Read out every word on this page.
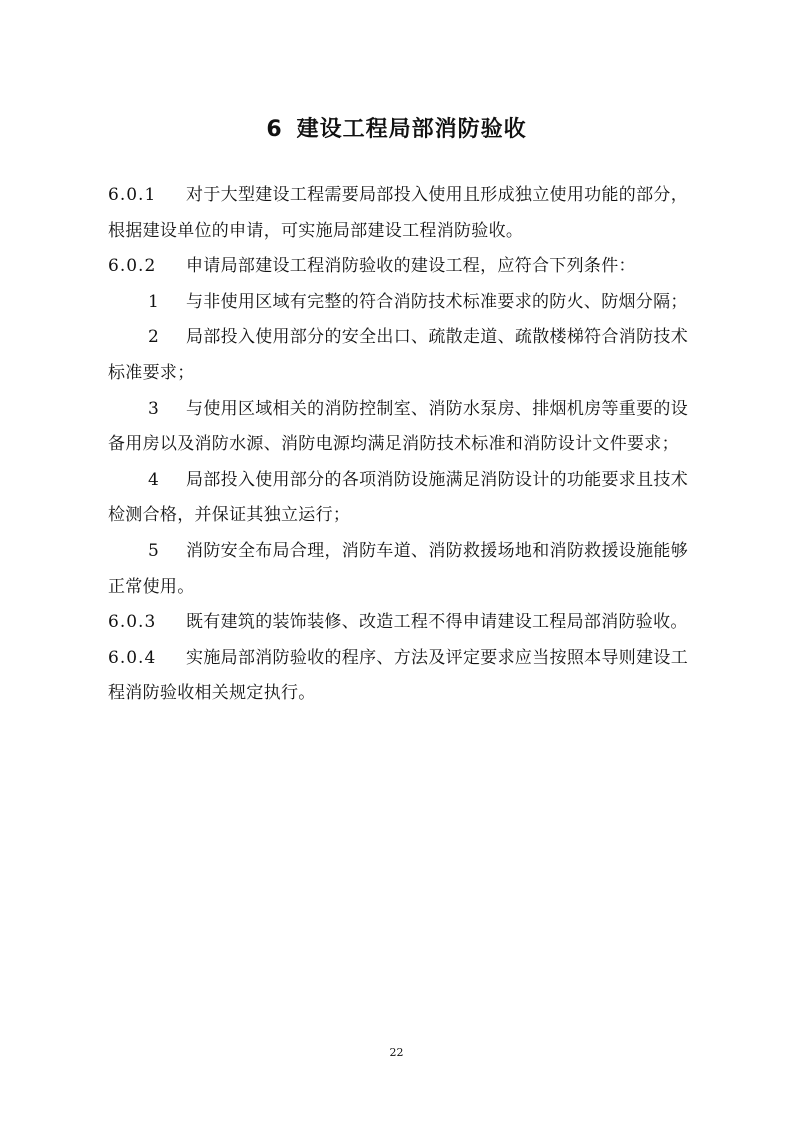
6 建设工程局部消防验收

6.0.1 对于大型建设工程需要局部投入使用且形成独立使用功能的部分，根据建设单位的申请，可实施局部建设工程消防验收。

6.0.2 申请局部建设工程消防验收的建设工程，应符合下列条件：

1 与非使用区域有完整的符合消防技术标准要求的防火、防烟分隔；

2 局部投入使用部分的安全出口、疏散走道、疏散楼梯符合消防技术标准要求；

3 与使用区域相关的消防控制室、消防水泵房、排烟机房等重要的设备用房以及消防水源、消防电源均满足消防技术标准和消防设计文件要求；

4 局部投入使用部分的各项消防设施满足消防设计的功能要求且技术检测合格，并保证其独立运行；

5 消防安全布局合理，消防车道、消防救援场地和消防救援设施能够正常使用。

6.0.3 既有建筑的装饰装修、改造工程不得申请建设工程局部消防验收。

6.0.4 实施局部消防验收的程序、方法及评定要求应当按照本导则建设工程消防验收相关规定执行。

22
